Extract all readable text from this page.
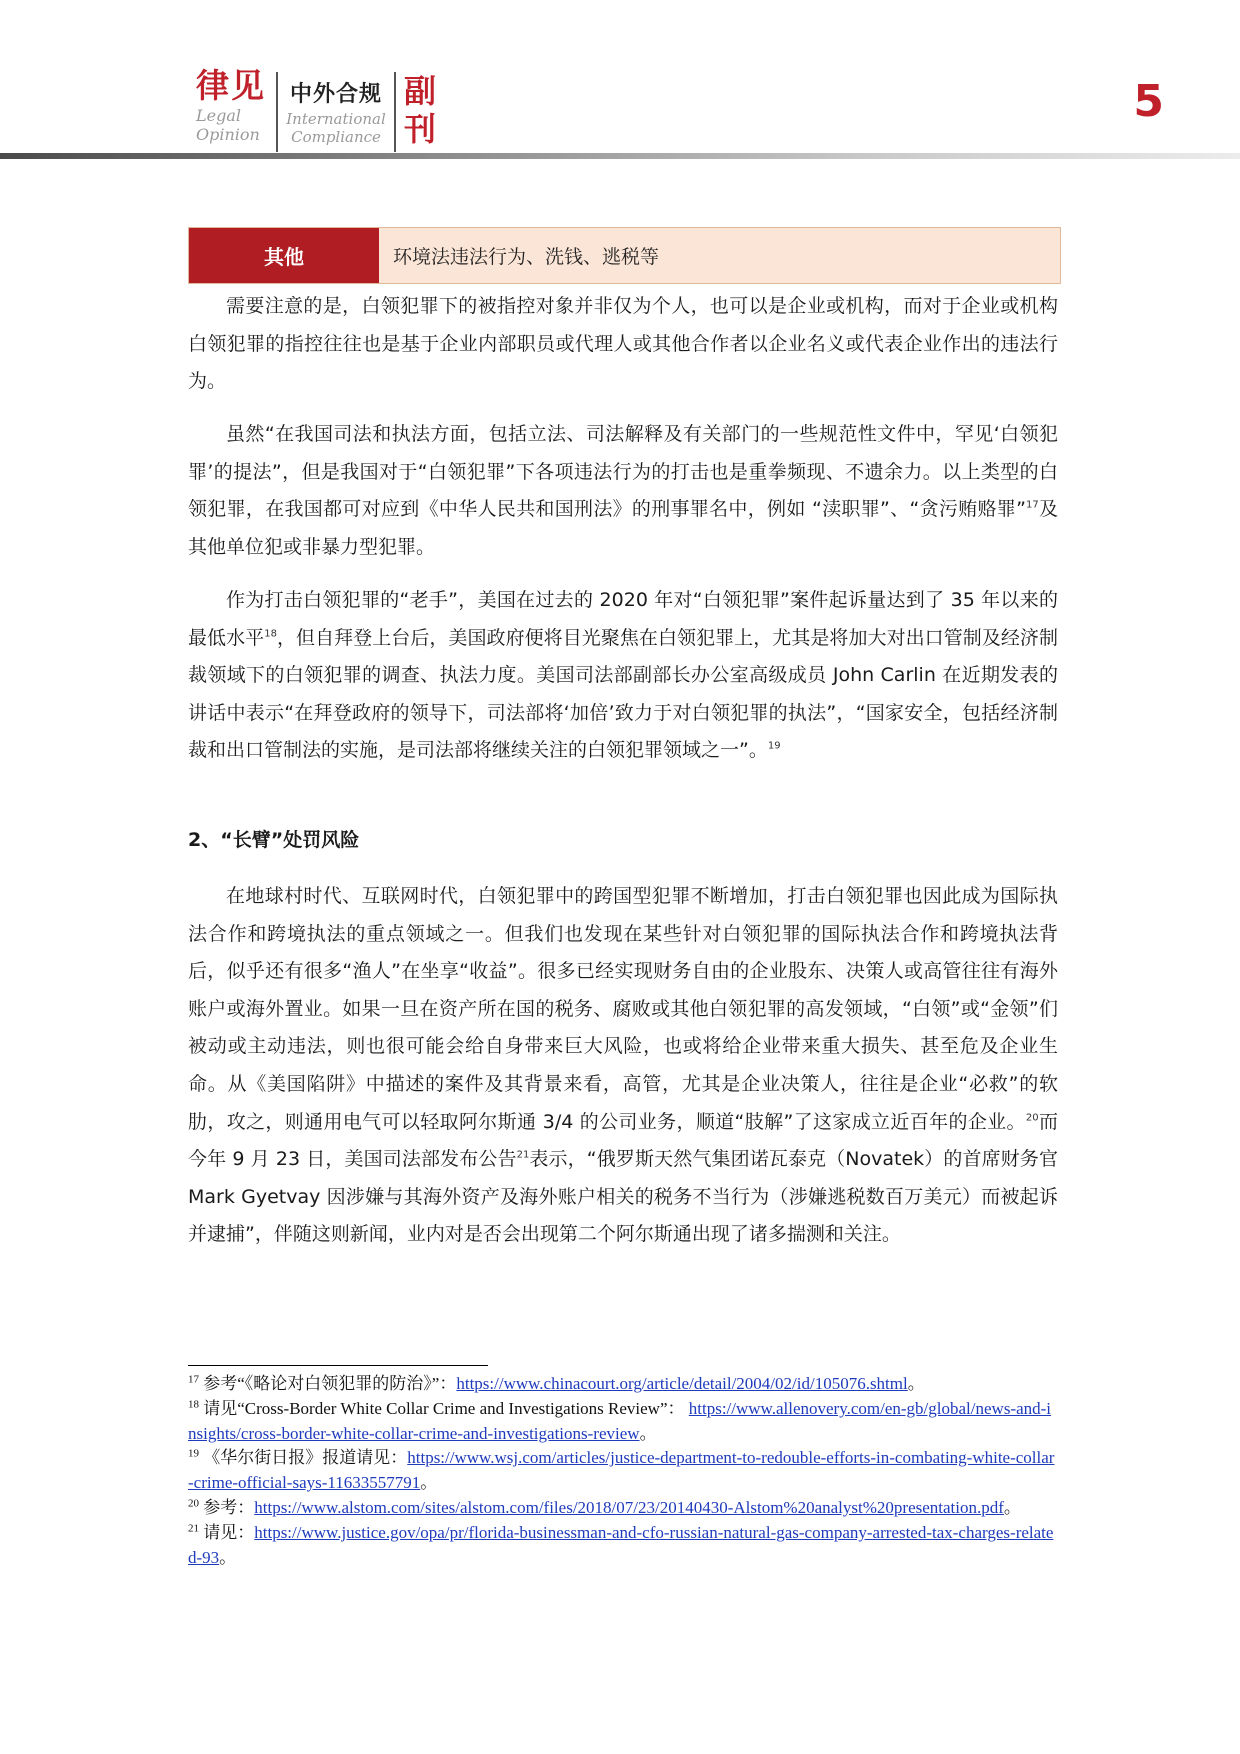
律见
Legal
Opinion
中外合规
International
Compliance
副
刊
5
其他	环境法违法行为、洗钱、逃税等

需要注意的是，白领犯罪下的被指控对象并非仅为个人，也可以是企业或机构，而对于企业或机构白领犯罪的指控往往也是基于企业内部职员或代理人或其他合作者以企业名义或代表企业作出的违法行为。

虽然“在我国司法和执法方面，包括立法、司法解释及有关部门的一些规范性文件中，罕见‘白领犯罪’的提法”，但是我国对于“白领犯罪”下各项违法行为的打击也是重拳频现、不遗余力。以上类型的白领犯罪，在我国都可对应到《中华人民共和国刑法》的刑事罪名中，例如 “渎职罪”、“贪污贿赂罪”$^{17}$及其他单位犯或非暴力型犯罪。

作为打击白领犯罪的“老手”，美国在过去的 2020 年对“白领犯罪”案件起诉量达到了 35 年以来的最低水平$^{18}$，但自拜登上台后，美国政府便将目光聚焦在白领犯罪上，尤其是将加大对出口管制及经济制裁领域下的白领犯罪的调查、执法力度。美国司法部副部长办公室高级成员 John Carlin 在近期发表的讲话中表示“在拜登政府的领导下，司法部将‘加倍’致力于对白领犯罪的执法”，“国家安全，包括经济制裁和出口管制法的实施，是司法部将继续关注的白领犯罪领域之一”。$^{19}$

2、“长臂”处罚风险

在地球村时代、互联网时代，白领犯罪中的跨国型犯罪不断增加，打击白领犯罪也因此成为国际执法合作和跨境执法的重点领域之一。但我们也发现在某些针对白领犯罪的国际执法合作和跨境执法背后，似乎还有很多“渔人”在坐享“收益”。很多已经实现财务自由的企业股东、决策人或高管往往有海外账户或海外置业。如果一旦在资产所在国的税务、腐败或其他白领犯罪的高发领域，“白领”或“金领”们被动或主动违法，则也很可能会给自身带来巨大风险，也或将给企业带来重大损失、甚至危及企业生命。从《美国陷阱》中描述的案件及其背景来看，高管，尤其是企业决策人，往往是企业“必救”的软肋，攻之，则通用电气可以轻取阿尔斯通 3/4 的公司业务，顺道“肢解”了这家成立近百年的企业。$^{20}$而今年 9 月 23 日，美国司法部发布公告$^{21}$表示，“俄罗斯天然气集团诺瓦泰克（Novatek）的首席财务官 Mark Gyetvay 因涉嫌与其海外资产及海外账户相关的税务不当行为（涉嫌逃税数百万美元）而被起诉并逮捕”，伴随这则新闻，业内对是否会出现第二个阿尔斯通出现了诸多揣测和关注。

$^{17}$ 参考“《略论对白领犯罪的防治》”：https://www.chinacourt.org/article/detail/2004/02/id/105076.shtml。

$^{18}$ 请见“Cross-Border White Collar Crime and Investigations Review”： https://www.allenovery.com/en-gb/global/news-and-insights/cross-border-white-collar-crime-and-investigations-review。

$^{19}$ 《华尔街日报》报道请见：https://www.wsj.com/articles/justice-department-to-redouble-efforts-in-combating-white-collar-crime-official-says-11633557791。

$^{20}$ 参考：https://www.alstom.com/sites/alstom.com/files/2018/07/23/20140430-Alstom%20analyst%20presentation.pdf。

$^{21}$ 请见：https://www.justice.gov/opa/pr/florida-businessman-and-cfo-russian-natural-gas-company-arrested-tax-charges-related-93。
